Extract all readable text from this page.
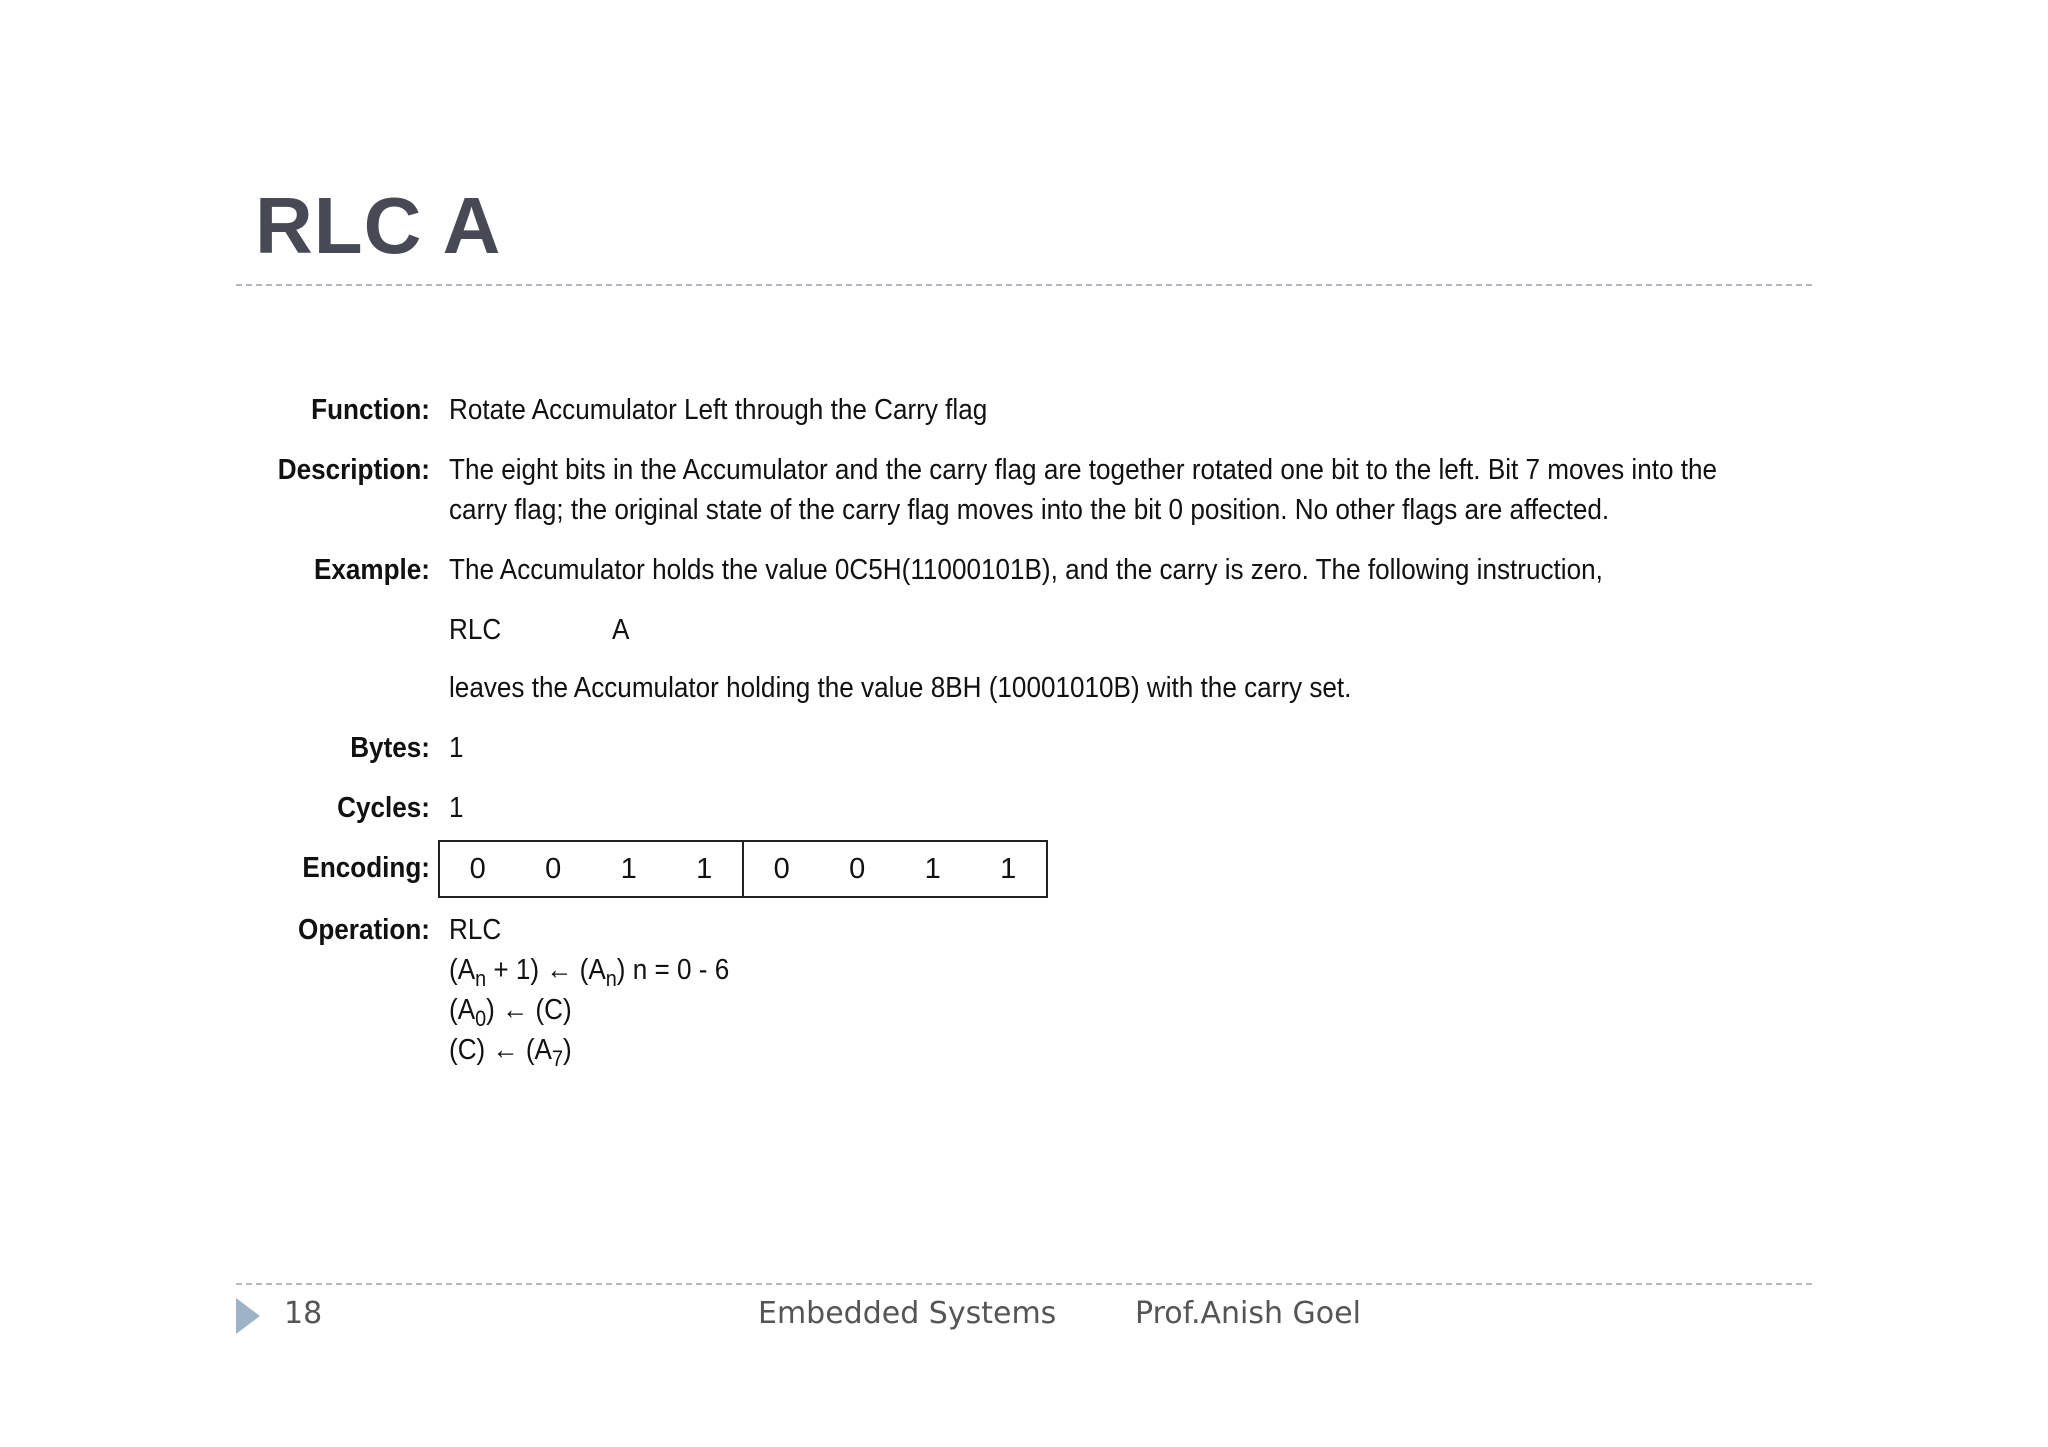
RLC A
Function: Rotate Accumulator Left through the Carry flag
Description: The eight bits in the Accumulator and the carry flag are together rotated one bit to the left. Bit 7 moves into the
carry flag; the original state of the carry flag moves into the bit 0 position. No other flags are affected.
Example: The Accumulator holds the value 0C5H(11000101B), and the carry is zero. The following instruction,
RLC	A
leaves the Accumulator holding the value 8BH (10001010B) with the carry set.
Bytes: 1
Cycles: 1
Encoding:	0	0	1	1	0	0	1	1
Operation: RLC
$(A_n + 1)$ ← $(A_n) n = 0 - 6$
$(A_0)$ ← (C)
(C) ← $(A_7)$
18	Embedded Systems	Prof.Anish Goel
